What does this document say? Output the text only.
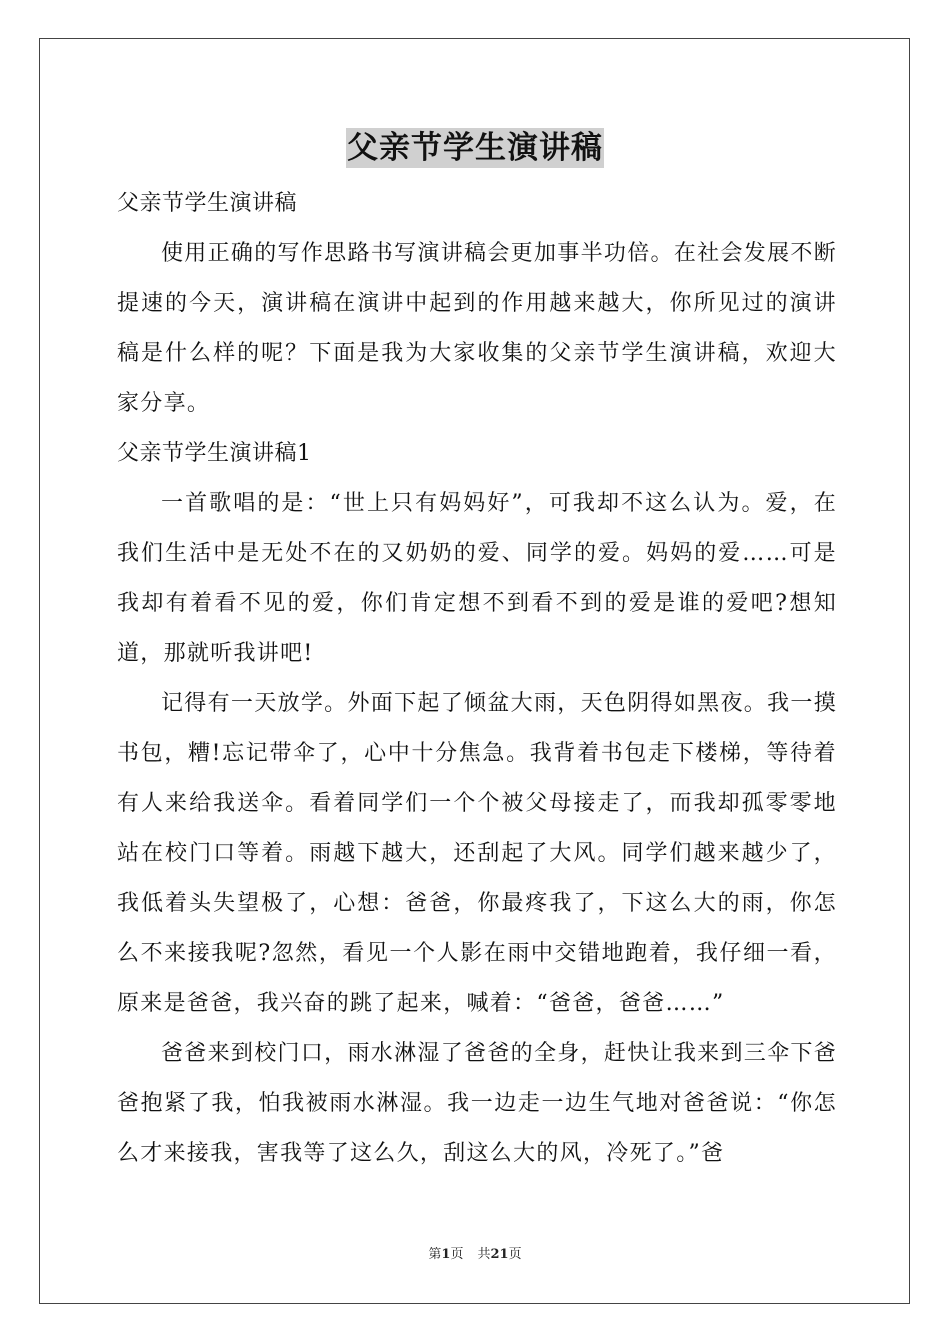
父亲节学生演讲稿

父亲节学生演讲稿

使用正确的写作思路书写演讲稿会更加事半功倍。在社会发展不断提速的今天，演讲稿在演讲中起到的作用越来越大，你所见过的演讲稿是什么样的呢？下面是我为大家收集的父亲节学生演讲稿，欢迎大家分享。

父亲节学生演讲稿1

一首歌唱的是：“世上只有妈妈好”，可我却不这么认为。爱，在我们生活中是无处不在的又奶奶的爱、同学的爱。妈妈的爱……可是我却有着看不见的爱，你们肯定想不到看不到的爱是谁的爱吧?想知道，那就听我讲吧!

记得有一天放学。外面下起了倾盆大雨，天色阴得如黑夜。我一摸书包，糟!忘记带伞了，心中十分焦急。我背着书包走下楼梯，等待着有人来给我送伞。看着同学们一个个被父母接走了，而我却孤零零地站在校门口等着。雨越下越大，还刮起了大风。同学们越来越少了，我低着头失望极了，心想：爸爸，你最疼我了，下这么大的雨，你怎么不来接我呢?忽然，看见一个人影在雨中交错地跑着，我仔细一看，原来是爸爸，我兴奋的跳了起来，喊着：“爸爸，爸爸……”

爸爸来到校门口，雨水淋湿了爸爸的全身，赶快让我来到三伞下爸爸抱紧了我，怕我被雨水淋湿。我一边走一边生气地对爸爸说：“你怎么才来接我，害我等了这么久，刮这么大的风，冷死了。”爸

第1页 共21页
